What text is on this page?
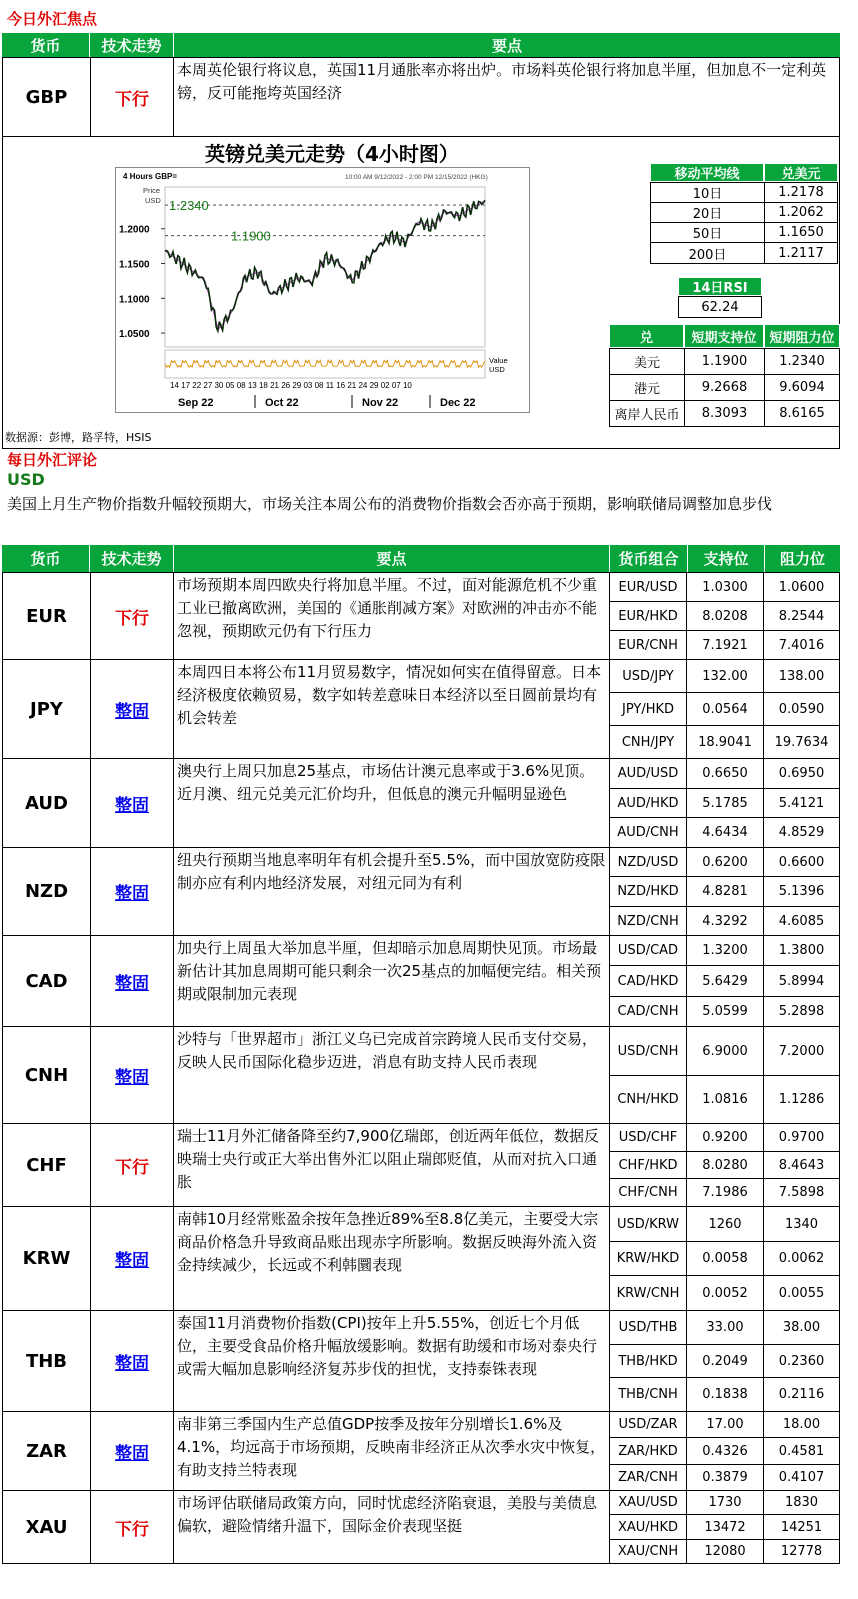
今日外汇焦点
货币	技术走势	要点
GBP	下行
本周英伦银行将议息，英国11月通胀率亦将出炉。市场料英伦银行将加息半厘，但加息不一定利英镑，反可能拖垮英国经济
英镑兑美元走势（4小时图）
4 Hours GBP=	10:00 AM 9/12/2022 - 2:00 PM 12/15/2022 (HKG)
Price
USD
1.2000
1.1500
1.1000
1.0500
1.2340
1.1900
Value
USD
14 17 22 27 30 05 08 13 18 21 26 29 03 08 11 16 21 24 29 02 07 10
Sep 22	Oct 22	Nov 22	Dec 22
数据源：彭博，路孚特，HSIS
移动平均线	兑美元
10日	1.2178
20日	1.2062
50日	1.1650
200日	1.2117
14日RSI
62.24
兑	短期支持位 短期阻力位
美元	1.1900	1.2340
港元	9.2668	9.6094
离岸人民币	8.3093	8.6165
每日外汇评论
USD
美国上月生产物价指数升幅较预期大，市场关注本周公布的消费物价指数会否亦高于预期，影响联储局调整加息步伐
货币	技术走势	要点	货币组合	支持位	阻力位
EUR	下行
市场预期本周四欧央行将加息半厘。不过，面对能源危机不少重工业已撤离欧洲，美国的《通胀削减方案》对欧洲的冲击亦不能忽视，预期欧元仍有下行压力
EUR/USD	1.0300	1.0600
EUR/HKD	8.0208	8.2544
EUR/CNH	7.1921	7.4016
JPY	整固
本周四日本将公布11月贸易数字，情况如何实在值得留意。日本经济极度依赖贸易，数字如转差意味日本经济以至日圆前景均有机会转差
USD/JPY	132.00	138.00
JPY/HKD	0.0564	0.0590
CNH/JPY	18.9041	19.7634
AUD	整固
澳央行上周只加息25基点，市场估计澳元息率或于3.6%见顶。近月澳、纽元兑美元汇价均升，但低息的澳元升幅明显逊色
AUD/USD	0.6650	0.6950
AUD/HKD	5.1785	5.4121
AUD/CNH	4.6434	4.8529
NZD	整固
纽央行预期当地息率明年有机会提升至5.5%，而中国放宽防疫限制亦应有利内地经济发展，对纽元同为有利
NZD/USD	0.6200	0.6600
NZD/HKD	4.8281	5.1396
NZD/CNH	4.3292	4.6085
CAD	整固
加央行上周虽大举加息半厘，但却暗示加息周期快见顶。市场最新估计其加息周期可能只剩余一次25基点的加幅便完结。相关预期或限制加元表现
USD/CAD	1.3200	1.3800
CAD/HKD	5.6429	5.8994
CAD/CNH	5.0599	5.2898
CNH	整固
沙特与「世界超市」浙江义乌已完成首宗跨境人民币支付交易，反映人民币国际化稳步迈进，消息有助支持人民币表现
USD/CNH	6.9000	7.2000
CNH/HKD	1.0816	1.1286
CHF	下行
瑞士11月外汇储备降至约7,900亿瑞郎，创近两年低位，数据反映瑞士央行或正大举出售外汇以阻止瑞郎贬值，从而对抗入口通胀
USD/CHF	0.9200	0.9700
CHF/HKD	8.0280	8.4643
CHF/CNH	7.1986	7.5898
KRW	整固
南韩10月经常账盈余按年急挫近89%至8.8亿美元，主要受大宗商品价格急升导致商品账出现赤字所影响。数据反映海外流入资金持续减少，长远或不利韩圜表现
USD/KRW	1260	1340
KRW/HKD	0.0058	0.0062
KRW/CNH	0.0052	0.0055
THB	整固
泰国11月消费物价指数(CPI)按年上升5.55%，创近七个月低位，主要受食品价格升幅放缓影响。数据有助缓和市场对泰央行或需大幅加息影响经济复苏步伐的担忧，支持泰铢表现
USD/THB	33.00	38.00
THB/HKD	0.2049	0.2360
THB/CNH	0.1838	0.2116
ZAR	整固
南非第三季国内生产总值GDP按季及按年分别增长1.6%及4.1%，均远高于市场预期，反映南非经济正从次季水灾中恢复，有助支持兰特表现
USD/ZAR	17.00	18.00
ZAR/HKD	0.4326	0.4581
ZAR/CNH	0.3879	0.4107
XAU	下行
市场评估联储局政策方向，同时忧虑经济陷衰退，美股与美债息偏软，避险情绪升温下，国际金价表现坚挺
XAU/USD	1730	1830
XAU/HKD	13472	14251
XAU/CNH	12080	12778
